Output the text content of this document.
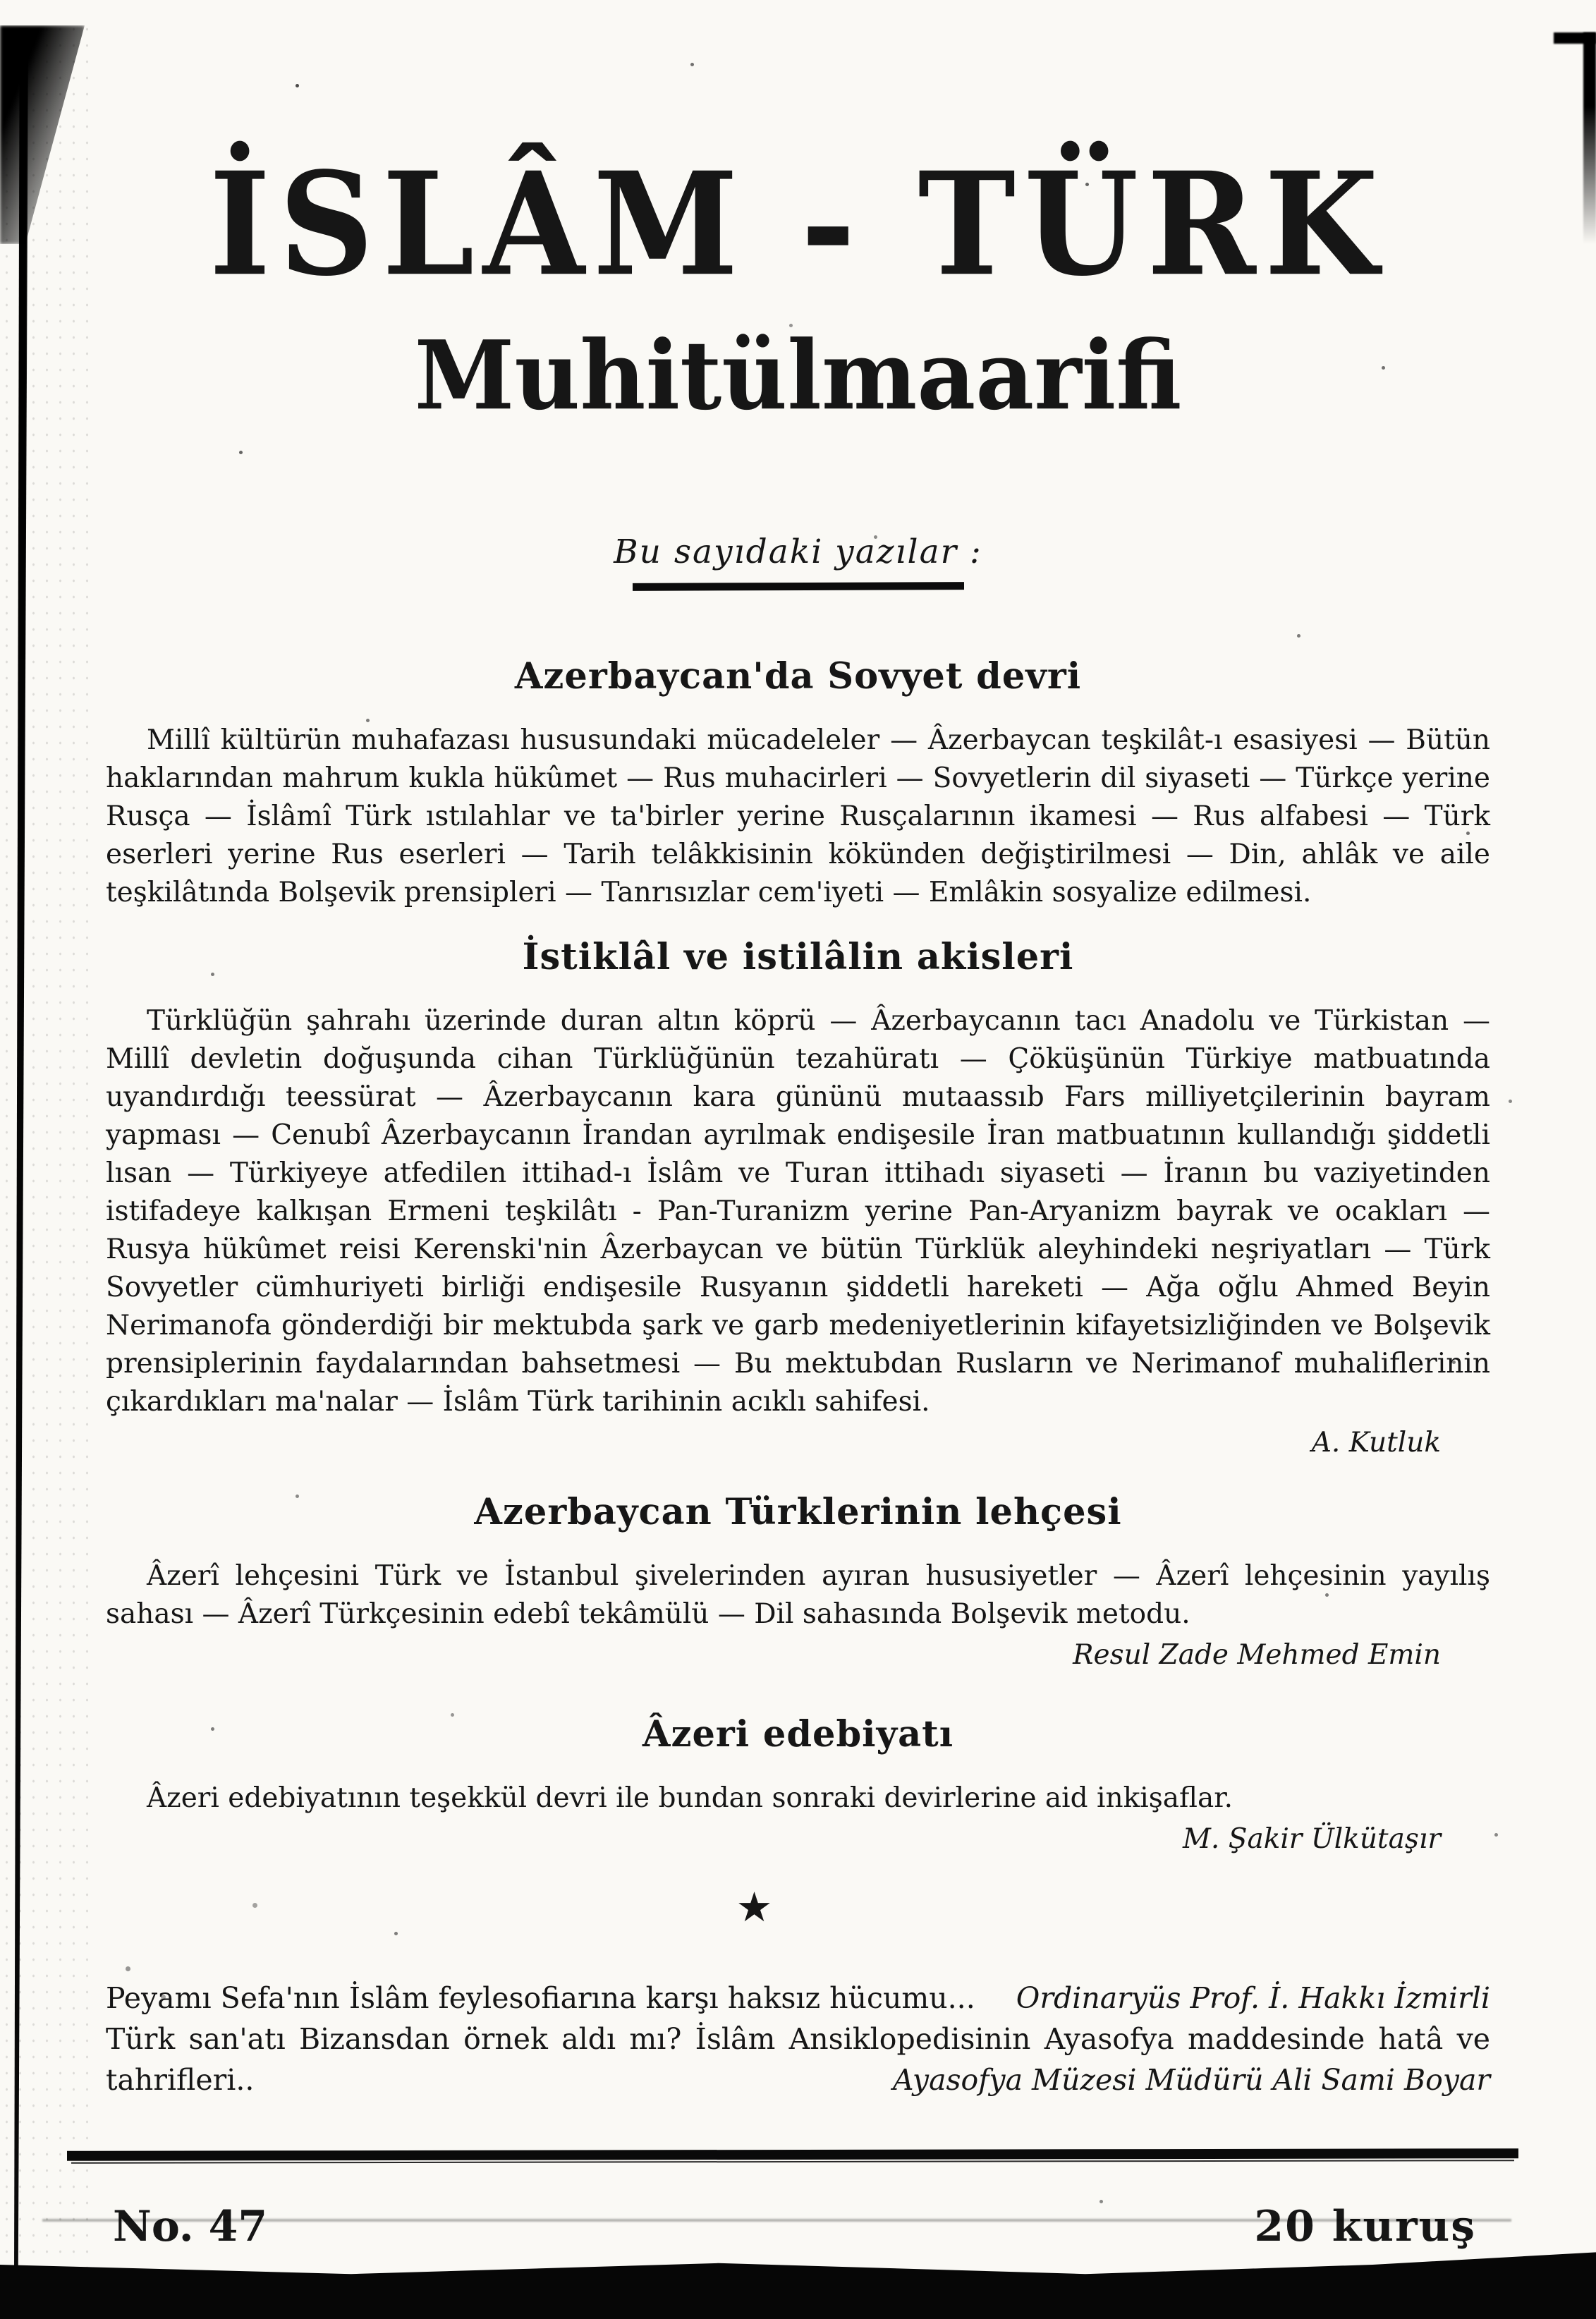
İSLÂM - TÜRK
Muhitülmaarifi
Bu sayıdaki yazılar :
Azerbaycan'da Sovyet devri

Millî kültürün muhafazası hususundaki mücadeleler — Âzerbaycan teşkilât-ı esasiyesi — Bütün haklarından mahrum kukla hükûmet — Rus muhacirleri — Sovyetlerin dil siyaseti — Türkçe yerine Rusça — İslâmî Türk ıstılahlar ve ta'birler yerine Rusçalarının ikamesi — Rus alfabesi — Türk eserleri yerine Rus eserleri — Tarih telâkkisinin kökünden değiştirilmesi — Din, ahlâk ve aile teşkilâtında Bolşevik prensipleri — Tanrısızlar cem'iyeti — Emlâkin sosyalize edilmesi.

İstiklâl ve istilâlin akisleri

Türklüğün şahrahı üzerinde duran altın köprü — Âzerbaycanın tacı Anadolu ve Türkistan — Millî devletin doğuşunda cihan Türklüğünün tezahüratı — Çöküşünün Türkiye matbuatında uyandırdığı teessürat — Âzerbaycanın kara gününü mutaassıb Fars milliyetçilerinin bayram yapması — Cenubî Âzerbaycanın İrandan ayrılmak endişesile İran matbuatının kullandığı şiddetli lısan — Türkiyeye atfedilen ittihad-ı İslâm ve Turan ittihadı siyaseti — İranın bu vaziyetinden istifadeye kalkışan Ermeni teşkilâtı - Pan-Turanizm yerine Pan-Aryanizm bayrak ve ocakları — Rusya hükûmet reisi Kerenski'nin Âzerbaycan ve bütün Türklük aleyhindeki neşriyatları — Türk Sovyetler cümhuriyeti birliği endişesile Rusyanın şiddetli hareketi — Ağa oğlu Ahmed Beyin Nerimanofa gönderdiği bir mektubda şark ve garb medeniyetlerinin kifayetsizliğinden ve Bolşevik prensiplerinin faydalarından bahsetmesi — Bu mektubdan Rusların ve Nerimanof muhaliflerinin çıkardıkları ma'nalar — İslâm Türk tarihinin acıklı sahifesi.

A. Kutluk
Azerbaycan Türklerinin lehçesi

Âzerî lehçesini Türk ve İstanbul şivelerinden ayıran hususiyetler — Âzerî lehçesinin yayılış sahası — Âzerî Türkçesinin edebî tekâmülü — Dil sahasında Bolşevik metodu.

Resul Zade Mehmed Emin
Âzeri edebiyatı

Âzeri edebiyatının teşekkül devri ile bundan sonraki devirlerine aid inkişaflar.

M. Şakir Ülkütaşır
★
Peyamı Sefa'nın İslâm feylesofiarına karşı haksız hücumu...	Ordinaryüs Prof. İ. Hakkı İzmirli
Türk san'atı Bizansdan örnek aldı mı? İslâm Ansiklopedisinin Ayasofya maddesinde hatâ ve
tahrifleri..	Ayasofya Müzesi Müdürü Ali Sami Boyar
No. 47	20 kuruş
